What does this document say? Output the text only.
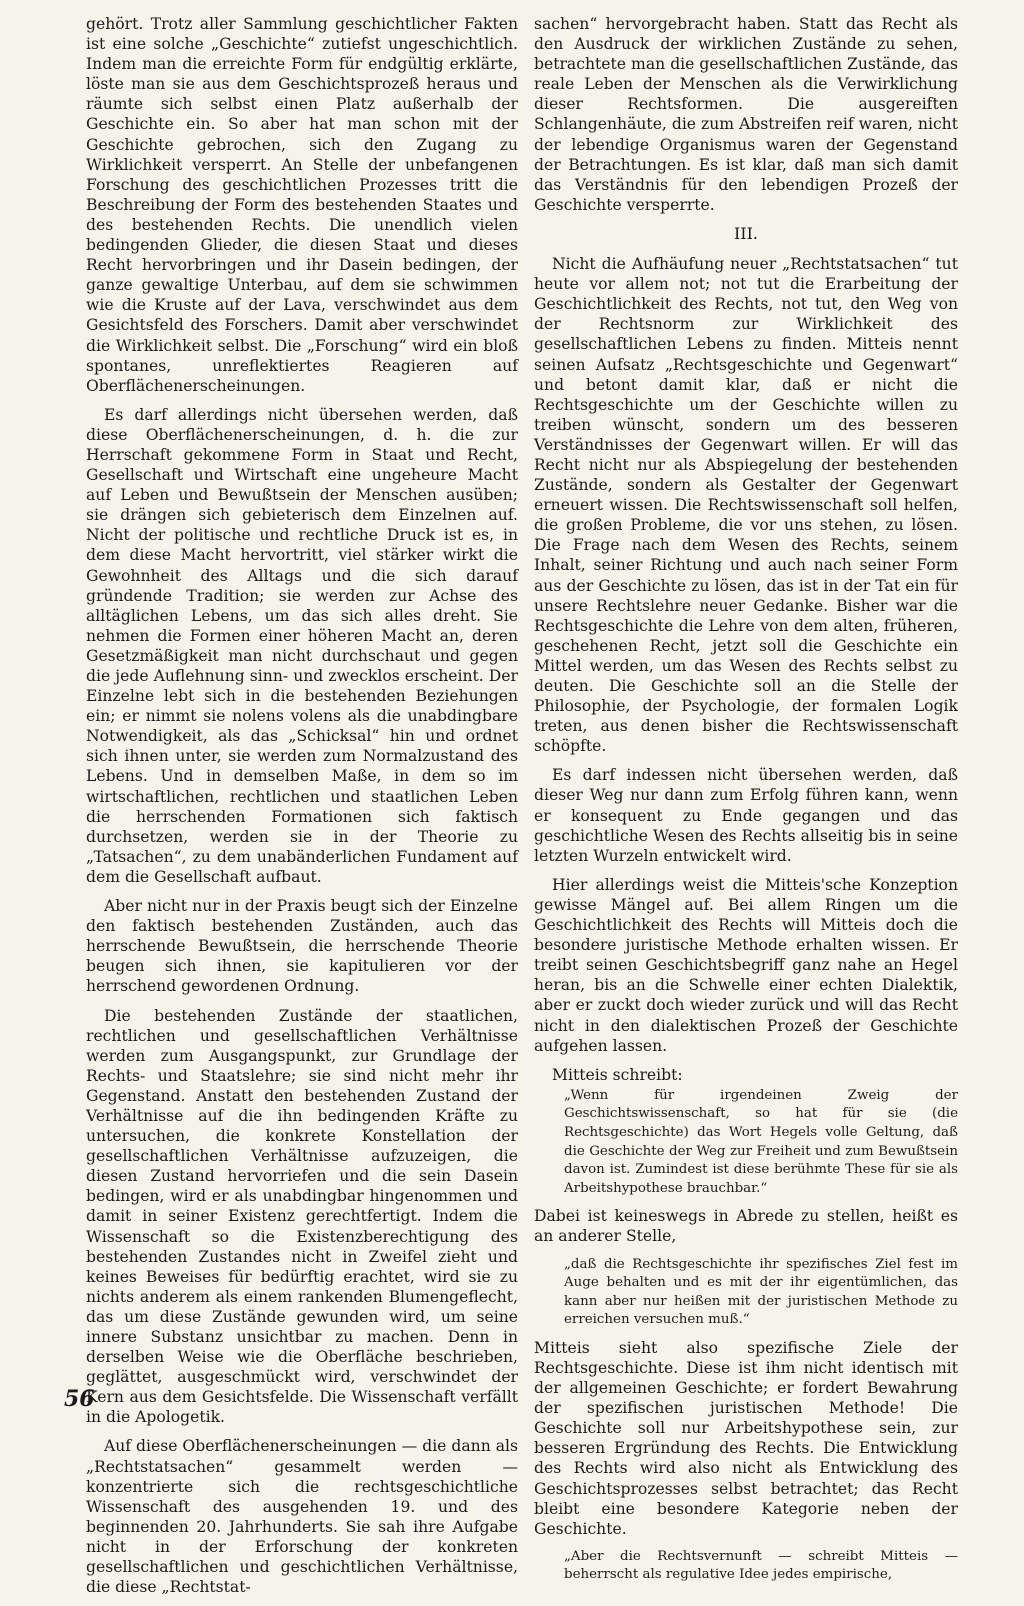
gehört. Trotz aller Sammlung geschichtlicher Fakten ist eine solche „Geschichte“ zutiefst ungeschichtlich. Indem man die erreichte Form für endgültig erklärte, löste man sie aus dem Geschichtsprozeß heraus und räumte sich selbst einen Platz außerhalb der Geschichte ein. So aber hat man schon mit der Geschichte gebrochen, sich den Zugang zu Wirklichkeit versperrt. An Stelle der unbefangenen Forschung des geschichtlichen Prozesses tritt die Beschreibung der Form des bestehenden Staates und des bestehenden Rechts. Die unendlich vielen bedingenden Glieder, die diesen Staat und dieses Recht hervorbringen und ihr Dasein bedingen, der ganze gewaltige Unterbau, auf dem sie schwimmen wie die Kruste auf der Lava, verschwindet aus dem Gesichtsfeld des Forschers. Damit aber verschwindet die Wirklichkeit selbst. Die „Forschung“ wird ein bloß spontanes, unreflektiertes Reagieren auf Oberflächenerscheinungen.

Es darf allerdings nicht übersehen werden, daß diese Oberflächenerscheinungen, d. h. die zur Herrschaft gekommene Form in Staat und Recht, Gesellschaft und Wirtschaft eine ungeheure Macht auf Leben und Bewußtsein der Menschen ausüben; sie drängen sich gebieterisch dem Einzelnen auf. Nicht der politische und rechtliche Druck ist es, in dem diese Macht hervortritt, viel stärker wirkt die Gewohnheit des Alltags und die sich darauf gründende Tradition; sie werden zur Achse des alltäglichen Lebens, um das sich alles dreht. Sie nehmen die Formen einer höheren Macht an, deren Gesetzmäßigkeit man nicht durchschaut und gegen die jede Auflehnung sinn- und zwecklos erscheint. Der Einzelne lebt sich in die bestehenden Beziehungen ein; er nimmt sie nolens volens als die unabdingbare Notwendigkeit, als das „Schicksal“ hin und ordnet sich ihnen unter, sie werden zum Normalzustand des Lebens. Und in demselben Maße, in dem so im wirtschaftlichen, rechtlichen und staatlichen Leben die herrschenden Formationen sich faktisch durchsetzen, werden sie in der Theorie zu „Tatsachen“, zu dem unabänderlichen Fundament auf dem die Gesellschaft aufbaut.

Aber nicht nur in der Praxis beugt sich der Einzelne den faktisch bestehenden Zuständen, auch das herrschende Bewußtsein, die herrschende Theorie beugen sich ihnen, sie kapitulieren vor der herrschend gewordenen Ordnung.

Die bestehenden Zustände der staatlichen, rechtlichen und gesellschaftlichen Verhältnisse werden zum Ausgangspunkt, zur Grundlage der Rechts- und Staatslehre; sie sind nicht mehr ihr Gegenstand. Anstatt den bestehenden Zustand der Verhältnisse auf die ihn bedingenden Kräfte zu untersuchen, die konkrete Konstellation der gesellschaftlichen Verhältnisse aufzuzeigen, die diesen Zustand hervorriefen und die sein Dasein bedingen, wird er als unabdingbar hingenommen und damit in seiner Existenz gerechtfertigt. Indem die Wissenschaft so die Existenzberechtigung des bestehenden Zustandes nicht in Zweifel zieht und keines Beweises für bedürftig erachtet, wird sie zu nichts anderem als einem rankenden Blumengeflecht, das um diese Zustände gewunden wird, um seine innere Substanz unsichtbar zu machen. Denn in derselben Weise wie die Oberfläche beschrieben, geglättet, ausgeschmückt wird, verschwindet der Kern aus dem Gesichtsfelde. Die Wissenschaft verfällt in die Apologetik.

Auf diese Oberflächenerscheinungen — die dann als „Rechtstatsachen“ gesammelt werden — konzentrierte sich die rechtsgeschichtliche Wissenschaft des ausgehenden 19. und des beginnenden 20. Jahrhunderts. Sie sah ihre Aufgabe nicht in der Erforschung der konkreten gesellschaftlichen und geschichtlichen Verhältnisse, die diese „Rechtstat-

sachen“ hervorgebracht haben. Statt das Recht als den Ausdruck der wirklichen Zustände zu sehen, betrachtete man die gesellschaftlichen Zustände, das reale Leben der Menschen als die Verwirklichung dieser Rechtsformen. Die ausgereiften Schlangenhäute, die zum Abstreifen reif waren, nicht der lebendige Organismus waren der Gegenstand der Betrachtungen. Es ist klar, daß man sich damit das Verständnis für den lebendigen Prozeß der Geschichte versperrte.

III.

Nicht die Aufhäufung neuer „Rechtstatsachen“ tut heute vor allem not; not tut die Erarbeitung der Geschichtlichkeit des Rechts, not tut, den Weg von der Rechtsnorm zur Wirklichkeit des gesellschaftlichen Lebens zu finden. Mitteis nennt seinen Aufsatz „Rechtsgeschichte und Gegenwart“ und betont damit klar, daß er nicht die Rechtsgeschichte um der Geschichte willen zu treiben wünscht, sondern um des besseren Verständnisses der Gegenwart willen. Er will das Recht nicht nur als Abspiegelung der bestehenden Zustände, sondern als Gestalter der Gegenwart erneuert wissen. Die Rechtswissenschaft soll helfen, die großen Probleme, die vor uns stehen, zu lösen. Die Frage nach dem Wesen des Rechts, seinem Inhalt, seiner Richtung und auch nach seiner Form aus der Geschichte zu lösen, das ist in der Tat ein für unsere Rechtslehre neuer Gedanke. Bisher war die Rechtsgeschichte die Lehre von dem alten, früheren, geschehenen Recht, jetzt soll die Geschichte ein Mittel werden, um das Wesen des Rechts selbst zu deuten. Die Geschichte soll an die Stelle der Philosophie, der Psychologie, der formalen Logik treten, aus denen bisher die Rechtswissenschaft schöpfte.

Es darf indessen nicht übersehen werden, daß dieser Weg nur dann zum Erfolg führen kann, wenn er konsequent zu Ende gegangen und das geschichtliche Wesen des Rechts allseitig bis in seine letzten Wurzeln entwickelt wird.

Hier allerdings weist die Mitteis'sche Konzeption gewisse Mängel auf. Bei allem Ringen um die Geschichtlichkeit des Rechts will Mitteis doch die besondere juristische Methode erhalten wissen. Er treibt seinen Geschichtsbegriff ganz nahe an Hegel heran, bis an die Schwelle einer echten Dialektik, aber er zuckt doch wieder zurück und will das Recht nicht in den dialektischen Prozeß der Geschichte aufgehen lassen.

Mitteis schreibt:

„Wenn für irgendeinen Zweig der Geschichtswissenschaft, so hat für sie (die Rechtsgeschichte) das Wort Hegels volle Geltung, daß die Geschichte der Weg zur Freiheit und zum Bewußtsein davon ist. Zumindest ist diese berühmte These für sie als Arbeitshypothese brauchbar.“

Dabei ist keineswegs in Abrede zu stellen, heißt es an anderer Stelle,

„daß die Rechtsgeschichte ihr spezifisches Ziel fest im Auge behalten und es mit der ihr eigentümlichen, das kann aber nur heißen mit der juristischen Methode zu erreichen versuchen muß.“

Mitteis sieht also spezifische Ziele der Rechtsgeschichte. Diese ist ihm nicht identisch mit der allgemeinen Geschichte; er fordert Bewahrung der spezifischen juristischen Methode! Die Geschichte soll nur Arbeitshypothese sein, zur besseren Ergründung des Rechts. Die Entwicklung des Rechts wird also nicht als Entwicklung des Geschichtsprozesses selbst betrachtet; das Recht bleibt eine besondere Kategorie neben der Geschichte.

„Aber die Rechtsvernunft — schreibt Mitteis — beherrscht als regulative Idee jedes empirische,
56
